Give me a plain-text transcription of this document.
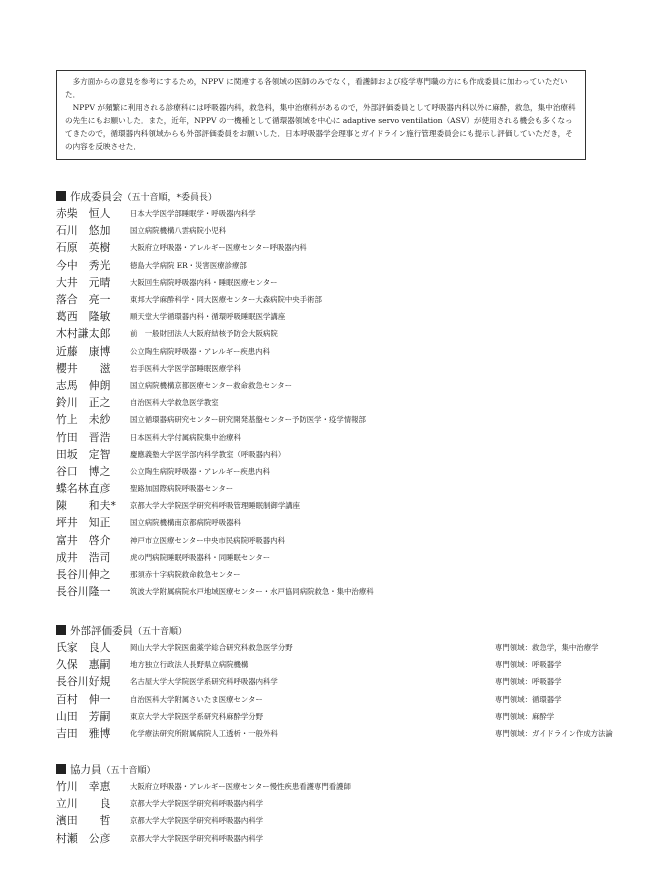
多方面からの意見を参考にするため，NPPV に関連する各領域の医師のみでなく，看護師および疫学専門職の方にも作成委員に加わっていただいた．

NPPV が頻繁に利用される診療科には呼吸器内科，救急科，集中治療科があるので，外部評価委員として呼吸器内科以外に麻酔，救急，集中治療科の先生にもお願いした．また，近年，NPPV の一機種として循環器領域を中心に adaptive servo ventilation（ASV）が使用される機会も多くなってきたので，循環器内科領域からも外部評価委員をお願いした．日本呼吸器学会理事とガイドライン施行管理委員会にも提示し評価していただき，その内容を反映させた．

作成委員会（五十音順，*委員長）
赤柴　恒人	日本大学医学部睡眠学・呼吸器内科学
石川　悠加	国立病院機構八雲病院小児科
石原　英樹	大阪府立呼吸器・アレルギー医療センター呼吸器内科
今中　秀光	徳島大学病院 ER・災害医療診療部
大井　元晴	大阪回生病院呼吸器内科・睡眠医療センター
落合　亮一	東邦大学麻酔科学・同大医療センター大森病院中央手術部
葛西　隆敏	順天堂大学循環器内科・循環呼吸睡眠医学講座
木村謙太郎	前　一般財団法人大阪府結核予防会大阪病院
近藤　康博	公立陶生病院呼吸器・アレルギー疾患内科
櫻井　　滋	岩手医科大学医学部睡眠医療学科
志馬　伸朗	国立病院機構京都医療センター救命救急センター
鈴川　正之	自治医科大学救急医学教室
竹上　未紗	国立循環器病研究センター研究開発基盤センター予防医学・疫学情報部
竹田　晋浩	日本医科大学付属病院集中治療科
田坂　定智	慶應義塾大学医学部内科学教室（呼吸器内科）
谷口　博之	公立陶生病院呼吸器・アレルギー疾患内科
蝶名林直彦	聖路加国際病院呼吸器センター
陳　　和夫*	京都大学大学院医学研究科呼吸管理睡眠制御学講座
坪井　知正	国立病院機構南京都病院呼吸器科
富井　啓介	神戸市立医療センター中央市民病院呼吸器内科
成井　浩司	虎の門病院睡眠呼吸器科・同睡眠センター
長谷川伸之	那須赤十字病院救命救急センター
長谷川隆一	筑波大学附属病院水戸地域医療センター・水戸協同病院救急・集中治療科
外部評価委員（五十音順）
氏家　良人	岡山大学大学院医歯薬学総合研究科救急医学分野	専門領域：救急学，集中治療学
久保　惠嗣	地方独立行政法人長野県立病院機構	専門領域：呼吸器学
長谷川好規	名古屋大学大学院医学系研究科呼吸器内科学	専門領域：呼吸器学
百村　伸一	自治医科大学附属さいたま医療センター	専門領域：循環器学
山田　芳嗣	東京大学大学院医学系研究科麻酔学分野	専門領域：麻酔学
吉田　雅博	化学療法研究所附属病院人工透析・一般外科	専門領域：ガイドライン作成方法論
協力員（五十音順）
竹川　幸恵	大阪府立呼吸器・アレルギー医療センター慢性疾患看護専門看護師
立川　　良	京都大学大学院医学研究科呼吸器内科学
濱田　　哲	京都大学大学院医学研究科呼吸器内科学
村瀬　公彦	京都大学大学院医学研究科呼吸器内科学
